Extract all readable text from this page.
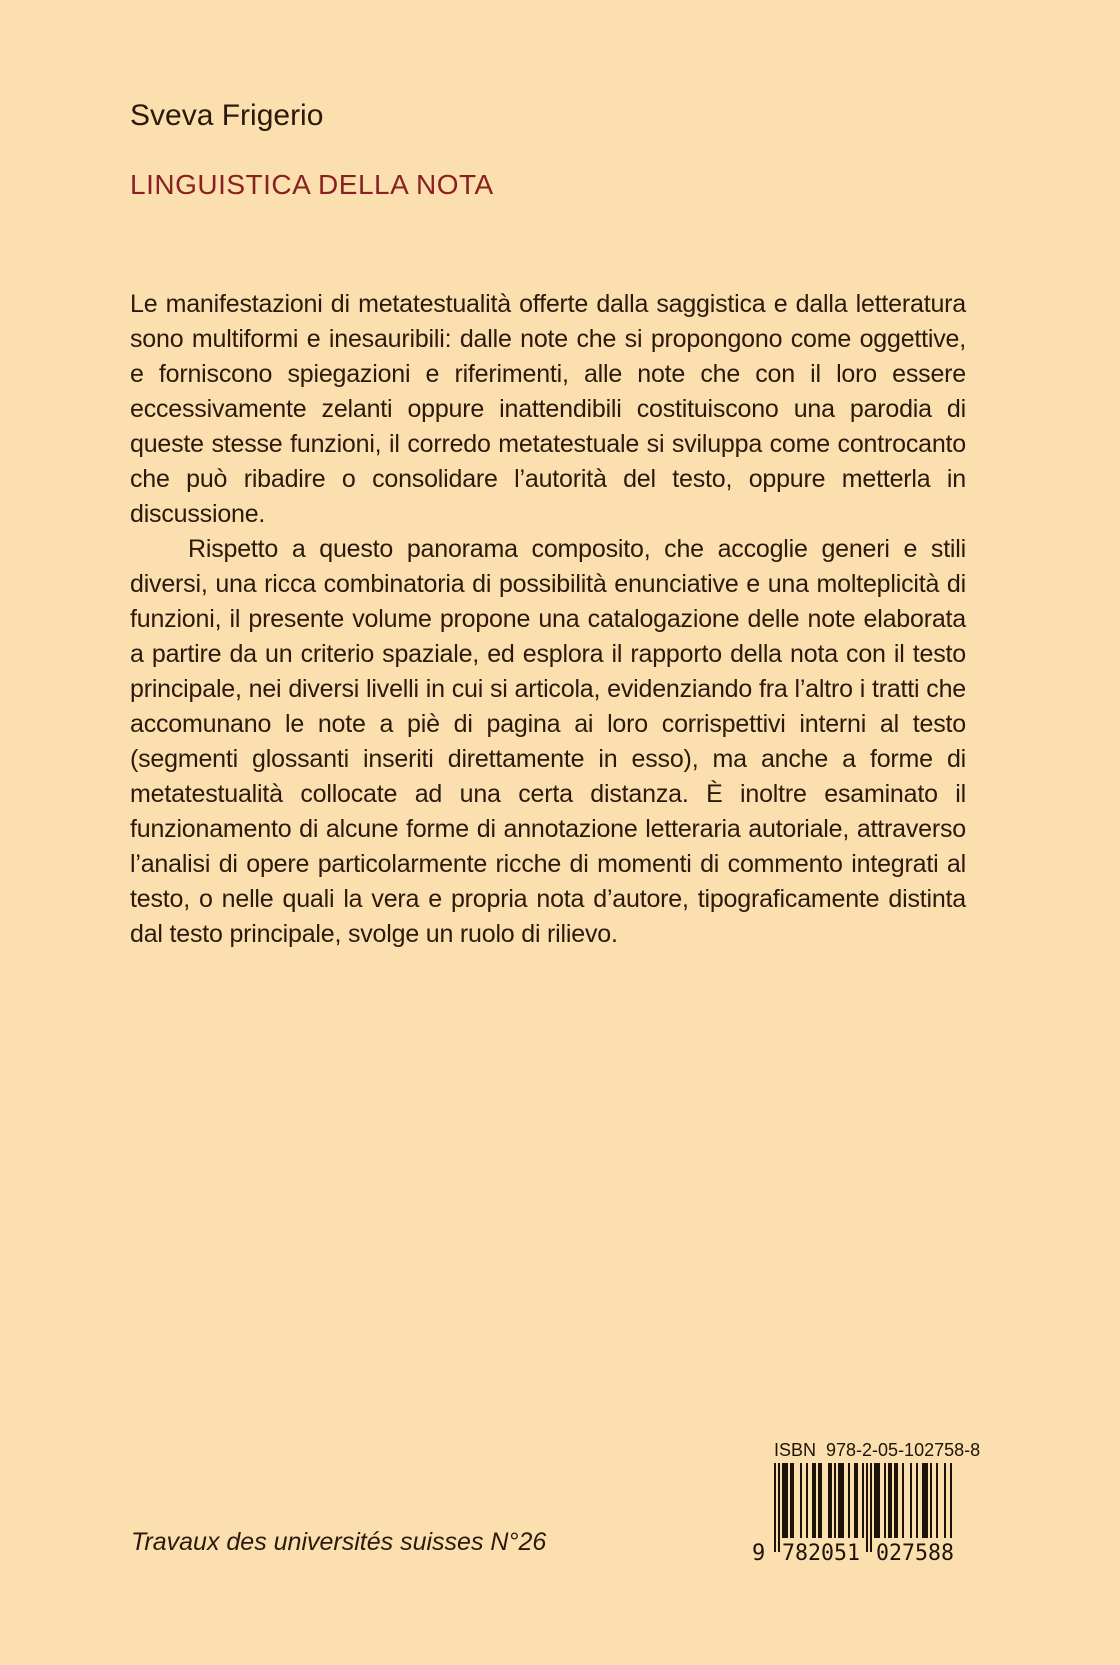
Sveva Frigerio
LINGUISTICA DELLA NOTA

Le manifestazioni di metatestualità offerte dalla saggistica e dalla letteratura sono multiformi e inesauribili: dalle note che si propongono come oggettive, e forniscono spiegazioni e riferimenti, alle note che con il loro essere eccessivamente zelanti oppure inattendibili costituiscono una parodia di queste stesse funzioni, il corredo metatestuale si sviluppa come controcanto che può ribadire o consolidare l’autorità del testo, oppure metterla in discussione.

Rispetto a questo panorama composito, che accoglie generi e stili diversi, una ricca combinatoria di possibilità enunciative e una molteplicità di funzioni, il presente volume propone una catalogazione delle note elaborata a partire da un criterio spaziale, ed esplora il rapporto della nota con il testo principale, nei diversi livelli in cui si articola, evidenziando fra l’altro i tratti che accomunano le note a piè di pagina ai loro corrispettivi interni al testo (segmenti glossanti inseriti direttamente in esso), ma anche a forme di metatestualità collocate ad una certa distanza. È inoltre esaminato il funzionamento di alcune forme di annotazione letteraria autoriale, attraverso l’analisi di opere particolarmente ricche di momenti di commento integrati al testo, o nelle quali la vera e propria nota d’autore, tipograficamente distinta dal testo principale, svolge un ruolo di rilievo.

Travaux des universités suisses N°26
ISBN 978-2-05-102758-8
9 782051 027588
